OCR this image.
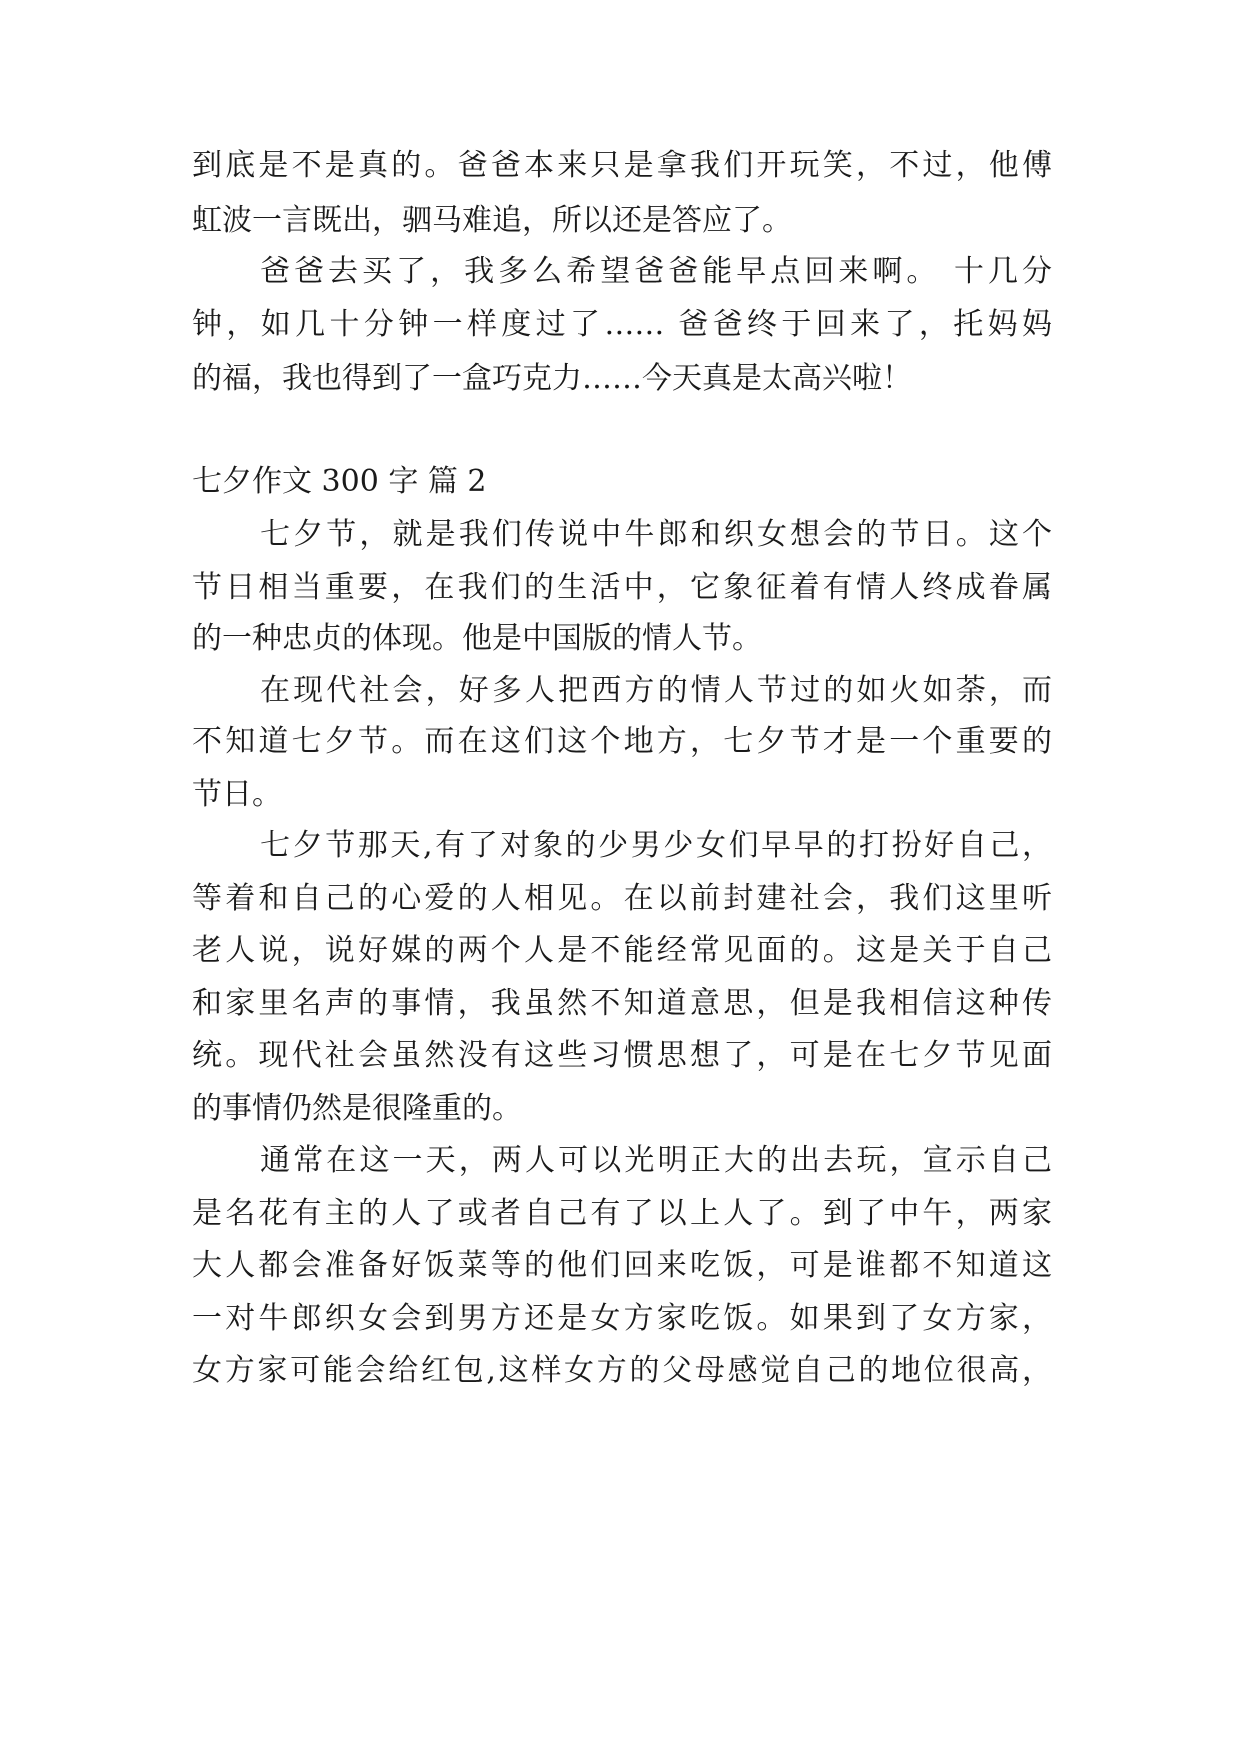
到底是不是真的。爸爸本来只是拿我们开玩笑，不过，他傅
虹波一言既出，驷马难追，所以还是答应了。
爸爸去买了，我多么希望爸爸能早点回来啊。 十几分
钟，如几十分钟一样度过了…… 爸爸终于回来了，托妈妈
的福，我也得到了一盒巧克力……今天真是太高兴啦！
七夕作文 300 字 篇 2
七夕节，就是我们传说中牛郎和织女想会的节日。这个
节日相当重要，在我们的生活中，它象征着有情人终成眷属
的一种忠贞的体现。他是中国版的情人节。
在现代社会，好多人把西方的情人节过的如火如荼，而
不知道七夕节。而在这们这个地方，七夕节才是一个重要的
节日。
七夕节那天,有了对象的少男少女们早早的打扮好自己，
等着和自己的心爱的人相见。在以前封建社会，我们这里听
老人说，说好媒的两个人是不能经常见面的。这是关于自己
和家里名声的事情，我虽然不知道意思，但是我相信这种传
统。现代社会虽然没有这些习惯思想了，可是在七夕节见面
的事情仍然是很隆重的。
通常在这一天，两人可以光明正大的出去玩，宣示自己
是名花有主的人了或者自己有了以上人了。到了中午，两家
大人都会准备好饭菜等的他们回来吃饭，可是谁都不知道这
一对牛郎织女会到男方还是女方家吃饭。如果到了女方家，
女方家可能会给红包,这样女方的父母感觉自己的地位很高，
